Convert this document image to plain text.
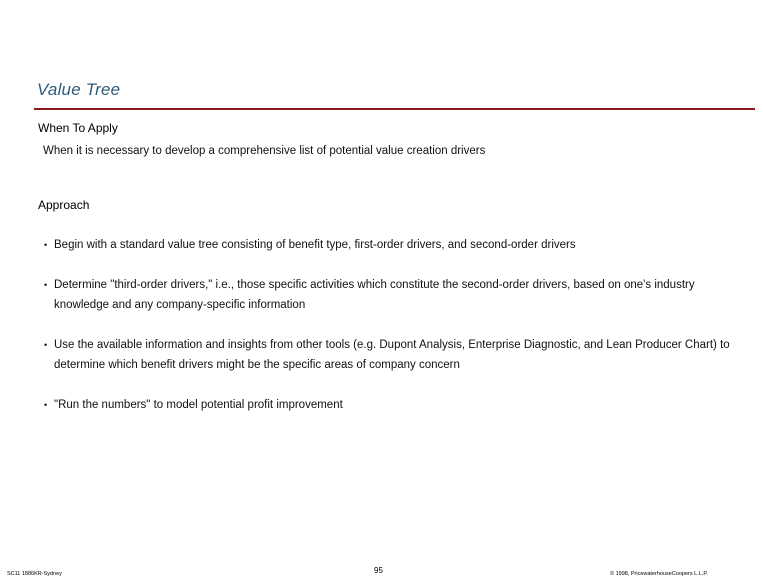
Value Tree
When To Apply
When it is necessary to develop a comprehensive list of potential value creation drivers
Approach
• Begin with a standard value tree consisting of benefit type, first-order drivers, and second-order drivers
• Determine "third-order drivers," i.e., those specific activities which constitute the second-order drivers, based on one's industry knowledge and any company-specific information
• Use the available information and insights from other tools (e.g. Dupont Analysis, Enterprise Diagnostic, and Lean Producer Chart) to determine which benefit drivers might be the specific areas of company concern
• "Run the numbers" to model potential profit improvement
SC11 1886KR-Sydney	95	© 1998, PricewaterhouseCoopers L.L.P.
